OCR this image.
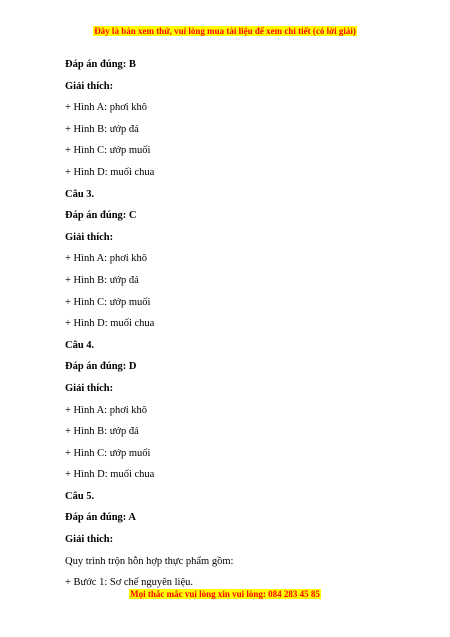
Đây là bản xem thử, vui lòng mua tài liệu để xem chi tiết (có lời giải)
Đáp án đúng: B
Giải thích:
+ Hình A: phơi khô
+ Hình B: ướp đá
+ Hình C: ướp muối
+ Hình D: muối chua
Câu 3.
Đáp án đúng: C
Giải thích:
+ Hình A: phơi khô
+ Hình B: ướp đá
+ Hình C: ướp muối
+ Hình D: muối chua
Câu 4.
Đáp án đúng: D
Giải thích:
+ Hình A: phơi khô
+ Hình B: ướp đá
+ Hình C: ướp muối
+ Hình D: muối chua
Câu 5.
Đáp án đúng: A
Giải thích:
Quy trình trộn hỗn hợp thực phẩm gồm:
+ Bước 1: Sơ chế nguyên liệu.
Mọi thắc mắc vui lòng xin vui lòng: 084 283 45 85
